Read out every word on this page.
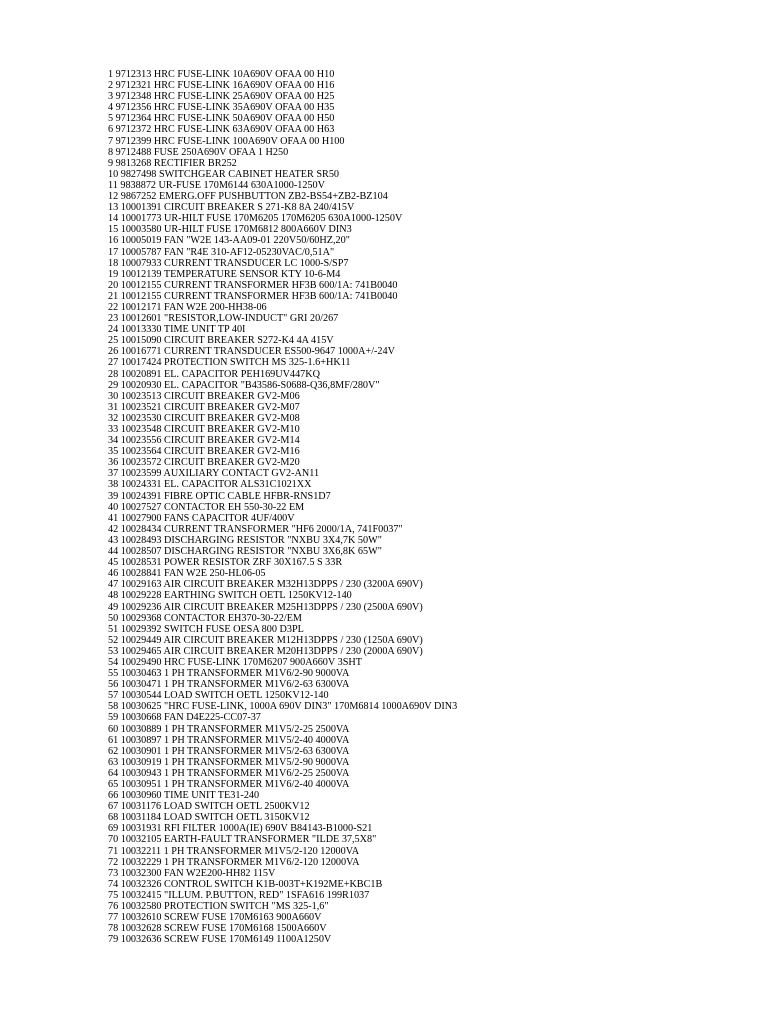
1 9712313 HRC FUSE-LINK 10A690V OFAA 00 H10
2 9712321 HRC FUSE-LINK 16A690V OFAA 00 H16
3 9712348 HRC FUSE-LINK 25A690V OFAA 00 H25
4 9712356 HRC FUSE-LINK 35A690V OFAA 00 H35
5 9712364 HRC FUSE-LINK 50A690V OFAA 00 H50
6 9712372 HRC FUSE-LINK 63A690V OFAA 00 H63
7 9712399 HRC FUSE-LINK 100A690V OFAA 00 H100
8 9712488 FUSE 250A690V OFAA 1 H250
9 9813268 RECTIFIER BR252
10 9827498 SWITCHGEAR CABINET HEATER SR50
11 9838872 UR-FUSE 170M6144 630A1000-1250V
12 9867252 EMERG.OFF PUSHBUTTON ZB2-BS54+ZB2-BZ104
13 10001391 CIRCUIT BREAKER S 271-K8 8A 240/415V
14 10001773 UR-HILT FUSE 170M6205 170M6205 630A1000-1250V
15 10003580 UR-HILT FUSE 170M6812 800A660V DIN3
16 10005019 FAN "W2E 143-AA09-01 220V50/60HZ,20"
17 10005787 FAN "R4E 310-AF12-05230VAC/0,51A"
18 10007933 CURRENT TRANSDUCER LC 1000-S/SP7
19 10012139 TEMPERATURE SENSOR KTY 10-6-M4
20 10012155 CURRENT TRANSFORMER HF3B 600/1A: 741B0040
21 10012155 CURRENT TRANSFORMER HF3B 600/1A: 741B0040
22 10012171 FAN W2E 200-HH38-06
23 10012601 "RESISTOR,LOW-INDUCT" GRI 20/267
24 10013330 TIME UNIT TP 40I
25 10015090 CIRCUIT BREAKER S272-K4 4A 415V
26 10016771 CURRENT TRANSDUCER ES500-9647 1000A+/-24V
27 10017424 PROTECTION SWITCH MS 325-1.6+HK11
28 10020891 EL. CAPACITOR PEH169UV447KQ
29 10020930 EL. CAPACITOR "B43586-S0688-Q36,8MF/280V"
30 10023513 CIRCUIT BREAKER GV2-M06
31 10023521 CIRCUIT BREAKER GV2-M07
32 10023530 CIRCUIT BREAKER GV2-M08
33 10023548 CIRCUIT BREAKER GV2-M10
34 10023556 CIRCUIT BREAKER GV2-M14
35 10023564 CIRCUIT BREAKER GV2-M16
36 10023572 CIRCUIT BREAKER GV2-M20
37 10023599 AUXILIARY CONTACT GV2-AN11
38 10024331 EL. CAPACITOR ALS31C1021XX
39 10024391 FIBRE OPTIC CABLE HFBR-RNS1D7
40 10027527 CONTACTOR EH 550-30-22 EM
41 10027900 FANS CAPACITOR 4UF/400V
42 10028434 CURRENT TRANSFORMER "HF6 2000/1A, 741F0037"
43 10028493 DISCHARGING RESISTOR "NXBU 3X4,7K 50W"
44 10028507 DISCHARGING RESISTOR "NXBU 3X6,8K 65W"
45 10028531 POWER RESISTOR ZRF 30X167.5 S 33R
46 10028841 FAN W2E 250-HL06-05
47 10029163 AIR CIRCUIT BREAKER M32H13DPPS / 230 (3200A 690V)
48 10029228 EARTHING SWITCH OETL 1250KV12-140
49 10029236 AIR CIRCUIT BREAKER M25H13DPPS / 230 (2500A 690V)
50 10029368 CONTACTOR EH370-30-22/EM
51 10029392 SWITCH FUSE OESA 800 D3PL
52 10029449 AIR CIRCUIT BREAKER M12H13DPPS / 230 (1250A 690V)
53 10029465 AIR CIRCUIT BREAKER M20H13DPPS / 230 (2000A 690V)
54 10029490 HRC FUSE-LINK 170M6207 900A660V 3SHT
55 10030463 1 PH TRANSFORMER M1V6/2-90 9000VA
56 10030471 1 PH TRANSFORMER M1V6/2-63 6300VA
57 10030544 LOAD SWITCH OETL 1250KV12-140
58 10030625 "HRC FUSE-LINK, 1000A 690V DIN3" 170M6814 1000A690V DIN3
59 10030668 FAN D4E225-CC07-37
60 10030889 1 PH TRANSFORMER M1V5/2-25 2500VA
61 10030897 1 PH TRANSFORMER M1V5/2-40 4000VA
62 10030901 1 PH TRANSFORMER M1V5/2-63 6300VA
63 10030919 1 PH TRANSFORMER M1V5/2-90 9000VA
64 10030943 1 PH TRANSFORMER M1V6/2-25 2500VA
65 10030951 1 PH TRANSFORMER M1V6/2-40 4000VA
66 10030960 TIME UNIT TE31-240
67 10031176 LOAD SWITCH OETL 2500KV12
68 10031184 LOAD SWITCH OETL 3150KV12
69 10031931 RFI FILTER 1000A(IE) 690V B84143-B1000-S21
70 10032105 EARTH-FAULT TRANSFORMER "ILDE 37,5X8"
71 10032211 1 PH TRANSFORMER M1V5/2-120 12000VA
72 10032229 1 PH TRANSFORMER M1V6/2-120 12000VA
73 10032300 FAN W2E200-HH82 115V
74 10032326 CONTROL SWITCH K1B-003T+K192ME+KBC1B
75 10032415 "ILLUM. P.BUTTON, RED" 1SFA616 199R1037
76 10032580 PROTECTION SWITCH "MS 325-1,6"
77 10032610 SCREW FUSE 170M6163 900A660V
78 10032628 SCREW FUSE 170M6168 1500A660V
79 10032636 SCREW FUSE 170M6149 1100A1250V
